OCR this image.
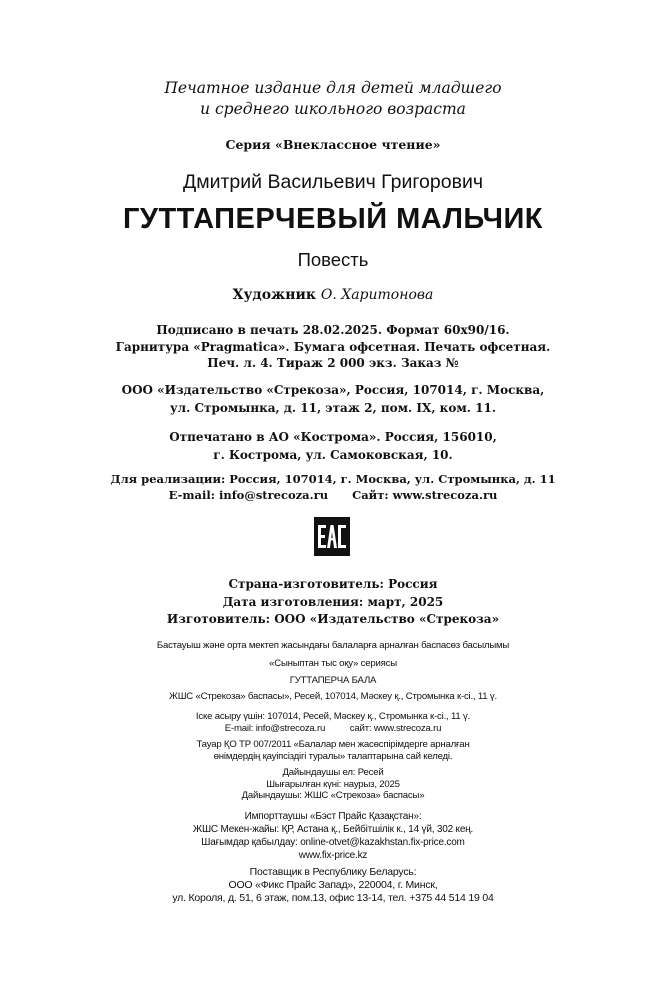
Печатное издание для детей младшего
и среднего школьного возраста
Серия «Внеклассное чтение»
Дмитрий Васильевич Григорович
ГУТТАПЕРЧЕВЫЙ МАЛЬЧИК
Повесть
Художник О. Харитонова
Подписано в печать 28.02.2025. Формат 60x90/16.
Гарнитура «Pragmatica». Бумага офсетная. Печать офсетная.
Печ. л. 4. Тираж 2 000 экз. Заказ №
ООО «Издательство «Стрекоза», Россия, 107014, г. Москва,
ул. Стромынка, д. 11, этаж 2, пом. IX, ком. 11.
Отпечатано в АО «Кострома». Россия, 156010,
г. Кострома, ул. Самоковская, 10.
Для реализации: Россия, 107014, г. Москва, ул. Стромынка, д. 11
E-mail: info@strecoza.ru      Сайт: www.strecoza.ru
Страна-изготовитель: Россия
Дата изготовления: март, 2025
Изготовитель: ООО «Издательство «Стрекоза»
Бастауыш және орта мектеп жасындағы балаларға арналған баспасөз басылымы
«Сыныптан тыс оқу» сериясы
ГУТТАПЕРЧА БАЛА
ЖШС «Стрекоза» баспасы», Ресей, 107014, Мәскеу қ., Стромынка к-сі., 11 ү.
Іске асыру үшін: 107014, Ресей, Мәскеу қ., Стромынка к-сі., 11 ү.
E-mail: info@strecoza.ru          сайт: www.strecoza.ru
Тауар ҚО ТР 007/2011 «Балалар мен жасөспірімдерге арналған
өнімдердің қауіпсіздігі туралы» талаптарына сай келеді.
Дайындаушы ел: Ресей
Шығарылған күні: наурыз, 2025
Дайындаушы: ЖШС «Стрекоза» баспасы»
Импорттаушы «Бэст Прайс Қазақстан»:
ЖШС Мекен-жайы: ҚР, Астана қ., Бейбітшілік к., 14 үй, 302 кең.
Шағымдар қабылдау: online-otvet@kazakhstan.fix-price.com
www.fix-price.kz
Поставщик в Республику Беларусь:
ООО «Фикс Прайс Запад», 220004, г. Минск,
ул. Короля, д. 51, 6 этаж, пом.13, офис 13-14, тел. +375 44 514 19 04
